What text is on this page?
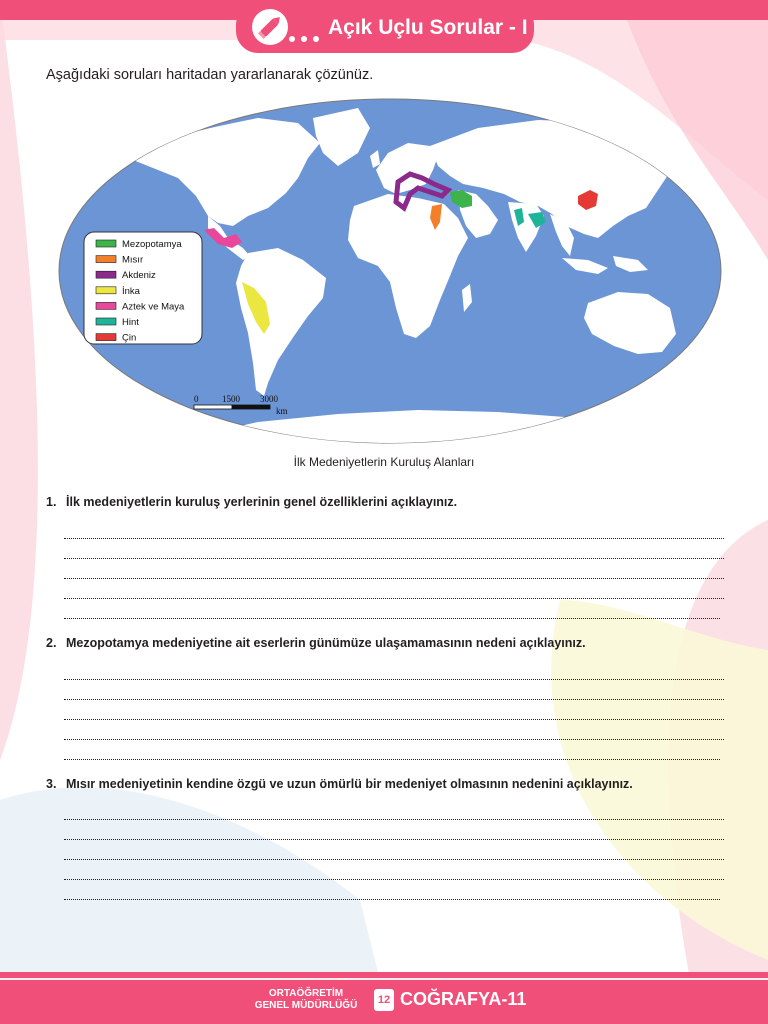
Açık Uçlu Sorular - I
Aşağıdaki soruları haritadan yararlanarak çözünüz.
Mezopotamya
Mısır
Akdeniz
İnka
Aztek ve Maya
Hint
Çin
0	1500 3000
km
İlk Medeniyetlerin Kuruluş Alanları
1. İlk medeniyetlerin kuruluş yerlerinin genel özelliklerini açıklayınız.
2. Mezopotamya medeniyetine ait eserlerin günümüze ulaşamamasının nedeni açıklayınız.
3. Mısır medeniyetinin kendine özgü ve uzun ömürlü bir medeniyet olmasının nedenini açıklayınız.
ORTAÖĞRETİM
GENEL MÜDÜRLÜĞÜ	12 COĞRAFYA-11
